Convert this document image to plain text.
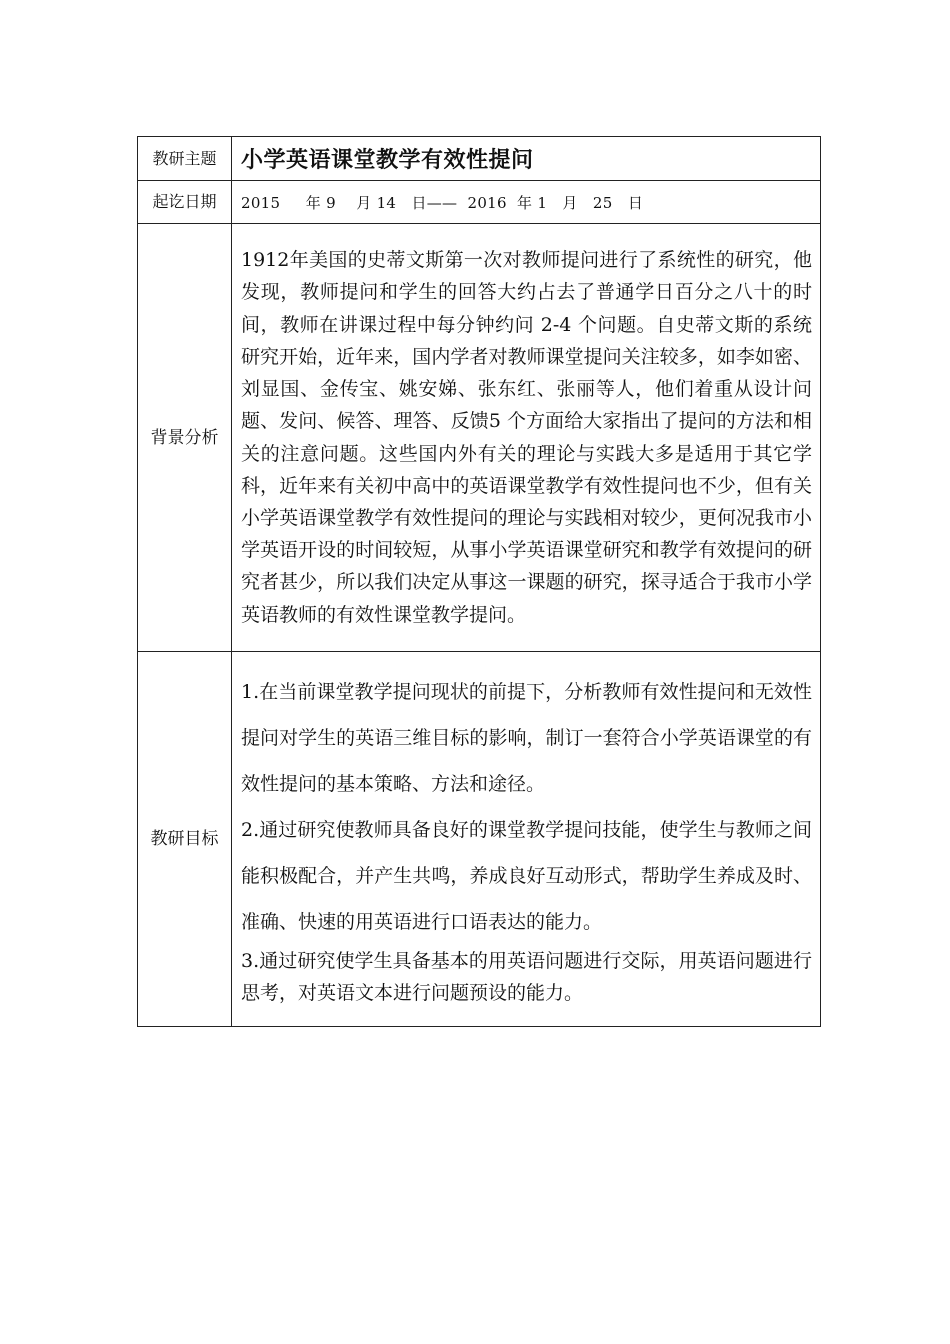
教研主题	小学英语课堂教学有效性提问

起讫日期	2015     年 9    月 14   日——  2016  年 1   月   25   日

背景分析	1912年美国的史蒂文斯第一次对教师提问进行了系统性的研究，他发现，教师提问和学生的回答大约占去了普通学日百分之八十的时间，教师在讲课过程中每分钟约问 2-4 个问题。自史蒂文斯的系统研究开始，近年来，国内学者对教师课堂提问关注较多，如李如密、刘显国、金传宝、姚安娣、张东红、张丽等人，他们着重从设计问题、发问、候答、理答、反馈5 个方面给大家指出了提问的方法和相关的注意问题。这些国内外有关的理论与实践大多是适用于其它学科，近年来有关初中高中的英语课堂教学有效性提问也不少，但有关小学英语课堂教学有效性提问的理论与实践相对较少，更何况我市小学英语开设的时间较短，从事小学英语课堂研究和教学有效提问的研究者甚少，所以我们决定从事这一课题的研究，探寻适合于我市小学英语教师的有效性课堂教学提问。

教研目标	1.在当前课堂教学提问现状的前提下，分析教师有效性提问和无效性提问对学生的英语三维目标的影响，制订一套符合小学英语课堂的有效性提问的基本策略、方法和途径。

2.通过研究使教师具备良好的课堂教学提问技能，使学生与教师之间能积极配合，并产生共鸣，养成良好互动形式，帮助学生养成及时、准确、快速的用英语进行口语表达的能力。

3.通过研究使学生具备基本的用英语问题进行交际，用英语问题进行思考，对英语文本进行问题预设的能力。
